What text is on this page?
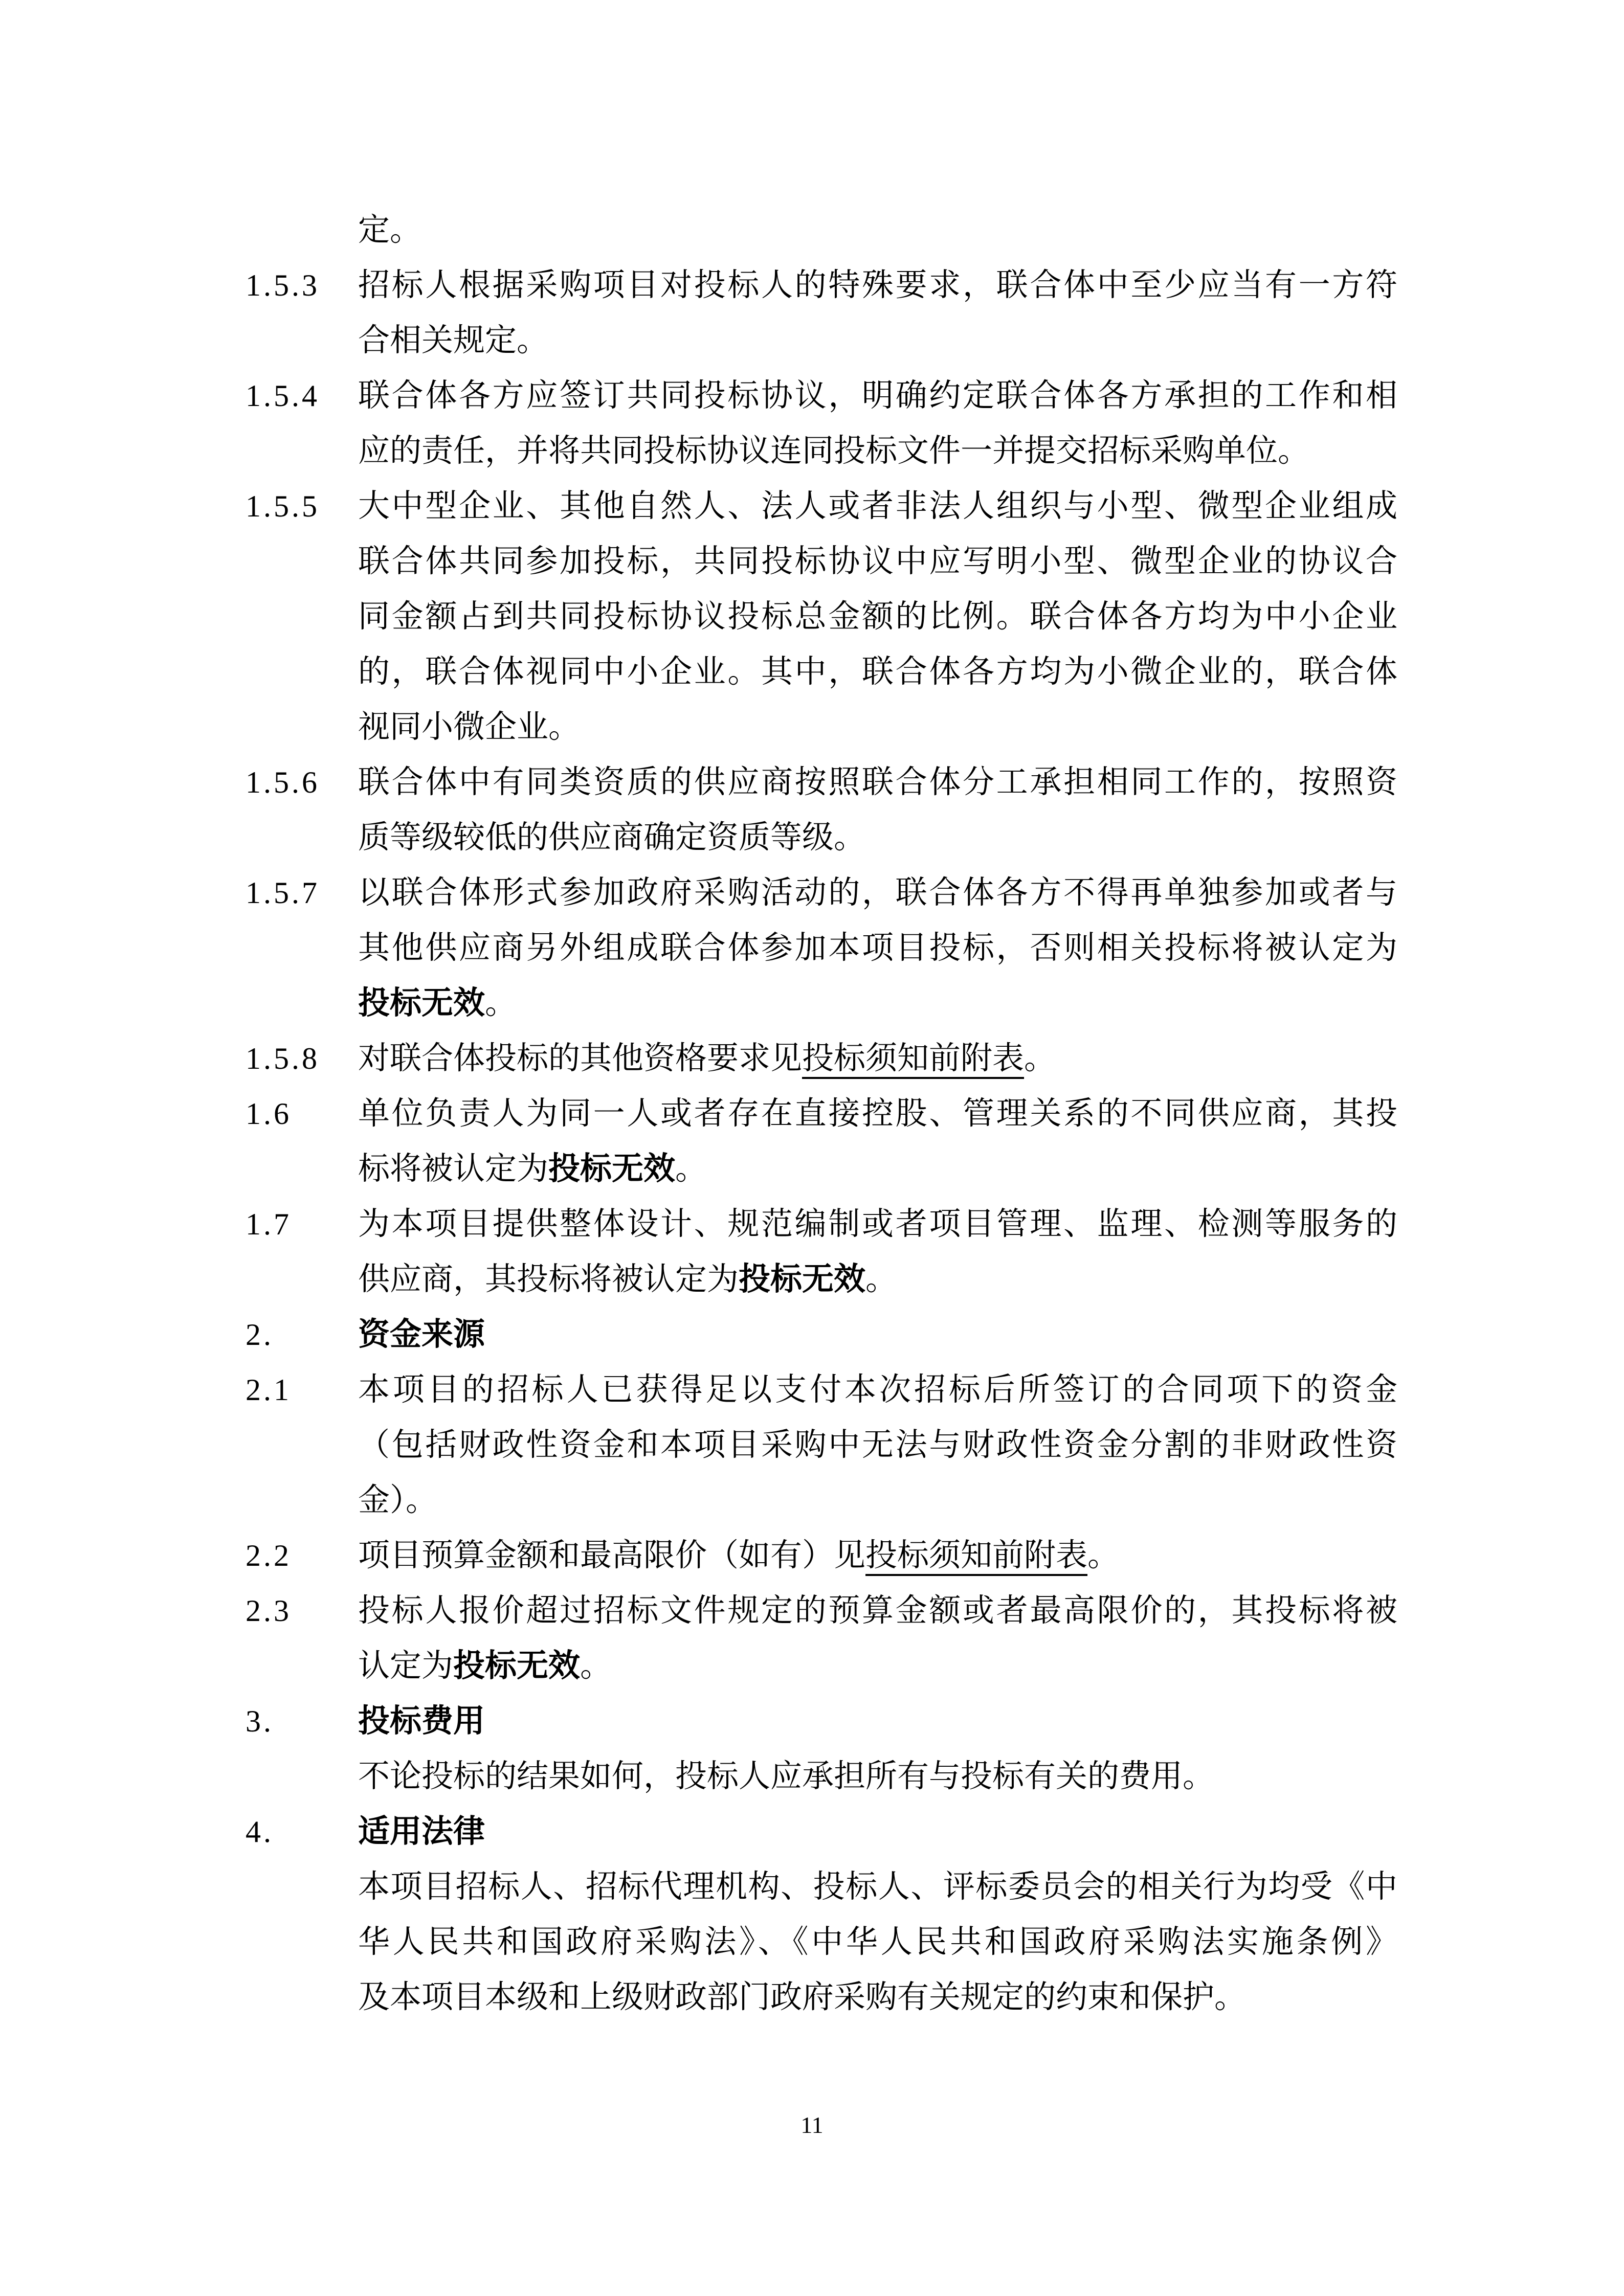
定。
1.5.3	招标人根据采购项目对投标人的特殊要求，联合体中至少应当有一方符
合相关规定。
1.5.4	联合体各方应签订共同投标协议，明确约定联合体各方承担的工作和相
应的责任，并将共同投标协议连同投标文件一并提交招标采购单位。
1.5.5	大中型企业、其他自然人、法人或者非法人组织与小型、微型企业组成
联合体共同参加投标，共同投标协议中应写明小型、微型企业的协议合
同金额占到共同投标协议投标总金额的比例。联合体各方均为中小企业
的，联合体视同中小企业。其中，联合体各方均为小微企业的，联合体
视同小微企业。
1.5.6	联合体中有同类资质的供应商按照联合体分工承担相同工作的，按照资
质等级较低的供应商确定资质等级。
1.5.7	以联合体形式参加政府采购活动的，联合体各方不得再单独参加或者与
其他供应商另外组成联合体参加本项目投标，否则相关投标将被认定为
投标无效。
1.5.8	对联合体投标的其他资格要求见投标须知前附表。
1.6	单位负责人为同一人或者存在直接控股、管理关系的不同供应商，其投
标将被认定为投标无效。
1.7	为本项目提供整体设计、规范编制或者项目管理、监理、检测等服务的
供应商，其投标将被认定为投标无效。
2.	资金来源
2.1	本项目的招标人已获得足以支付本次招标后所签订的合同项下的资金
（包括财政性资金和本项目采购中无法与财政性资金分割的非财政性资
金）。
2.2	项目预算金额和最高限价（如有）见投标须知前附表。
2.3	投标人报价超过招标文件规定的预算金额或者最高限价的，其投标将被
认定为投标无效。
3.	投标费用
不论投标的结果如何，投标人应承担所有与投标有关的费用。
4.	适用法律
本项目招标人、招标代理机构、投标人、评标委员会的相关行为均受《中
华人民共和国政府采购法》、《中华人民共和国政府采购法实施条例》
及本项目本级和上级财政部门政府采购有关规定的约束和保护。
11
